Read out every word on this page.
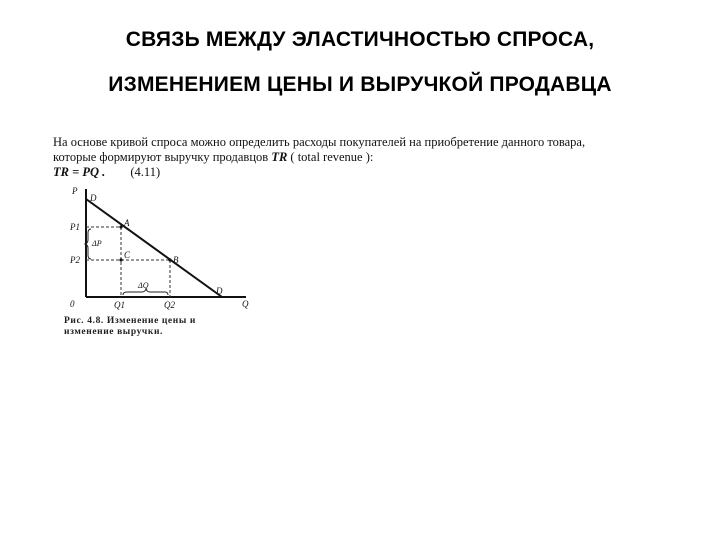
СВЯЗЬ МЕЖДУ ЭЛАСТИЧНОСТЬЮ СПРОСА,
ИЗМЕНЕНИЕМ ЦЕНЫ И ВЫРУЧКОЙ ПРОДАВЦА
На основе кривой спроса можно определить расходы покупателей на приобретение данного товара,
которые формируют выручку продавцов TR ( total revenue ):
TR = PQ . (4.11)
P
D
P1
P2
A
B
C
ΔP
ΔQ
0	Q1	Q2
D
Q
Рис. 4.8. Изменение цены и
изменение выручки.
